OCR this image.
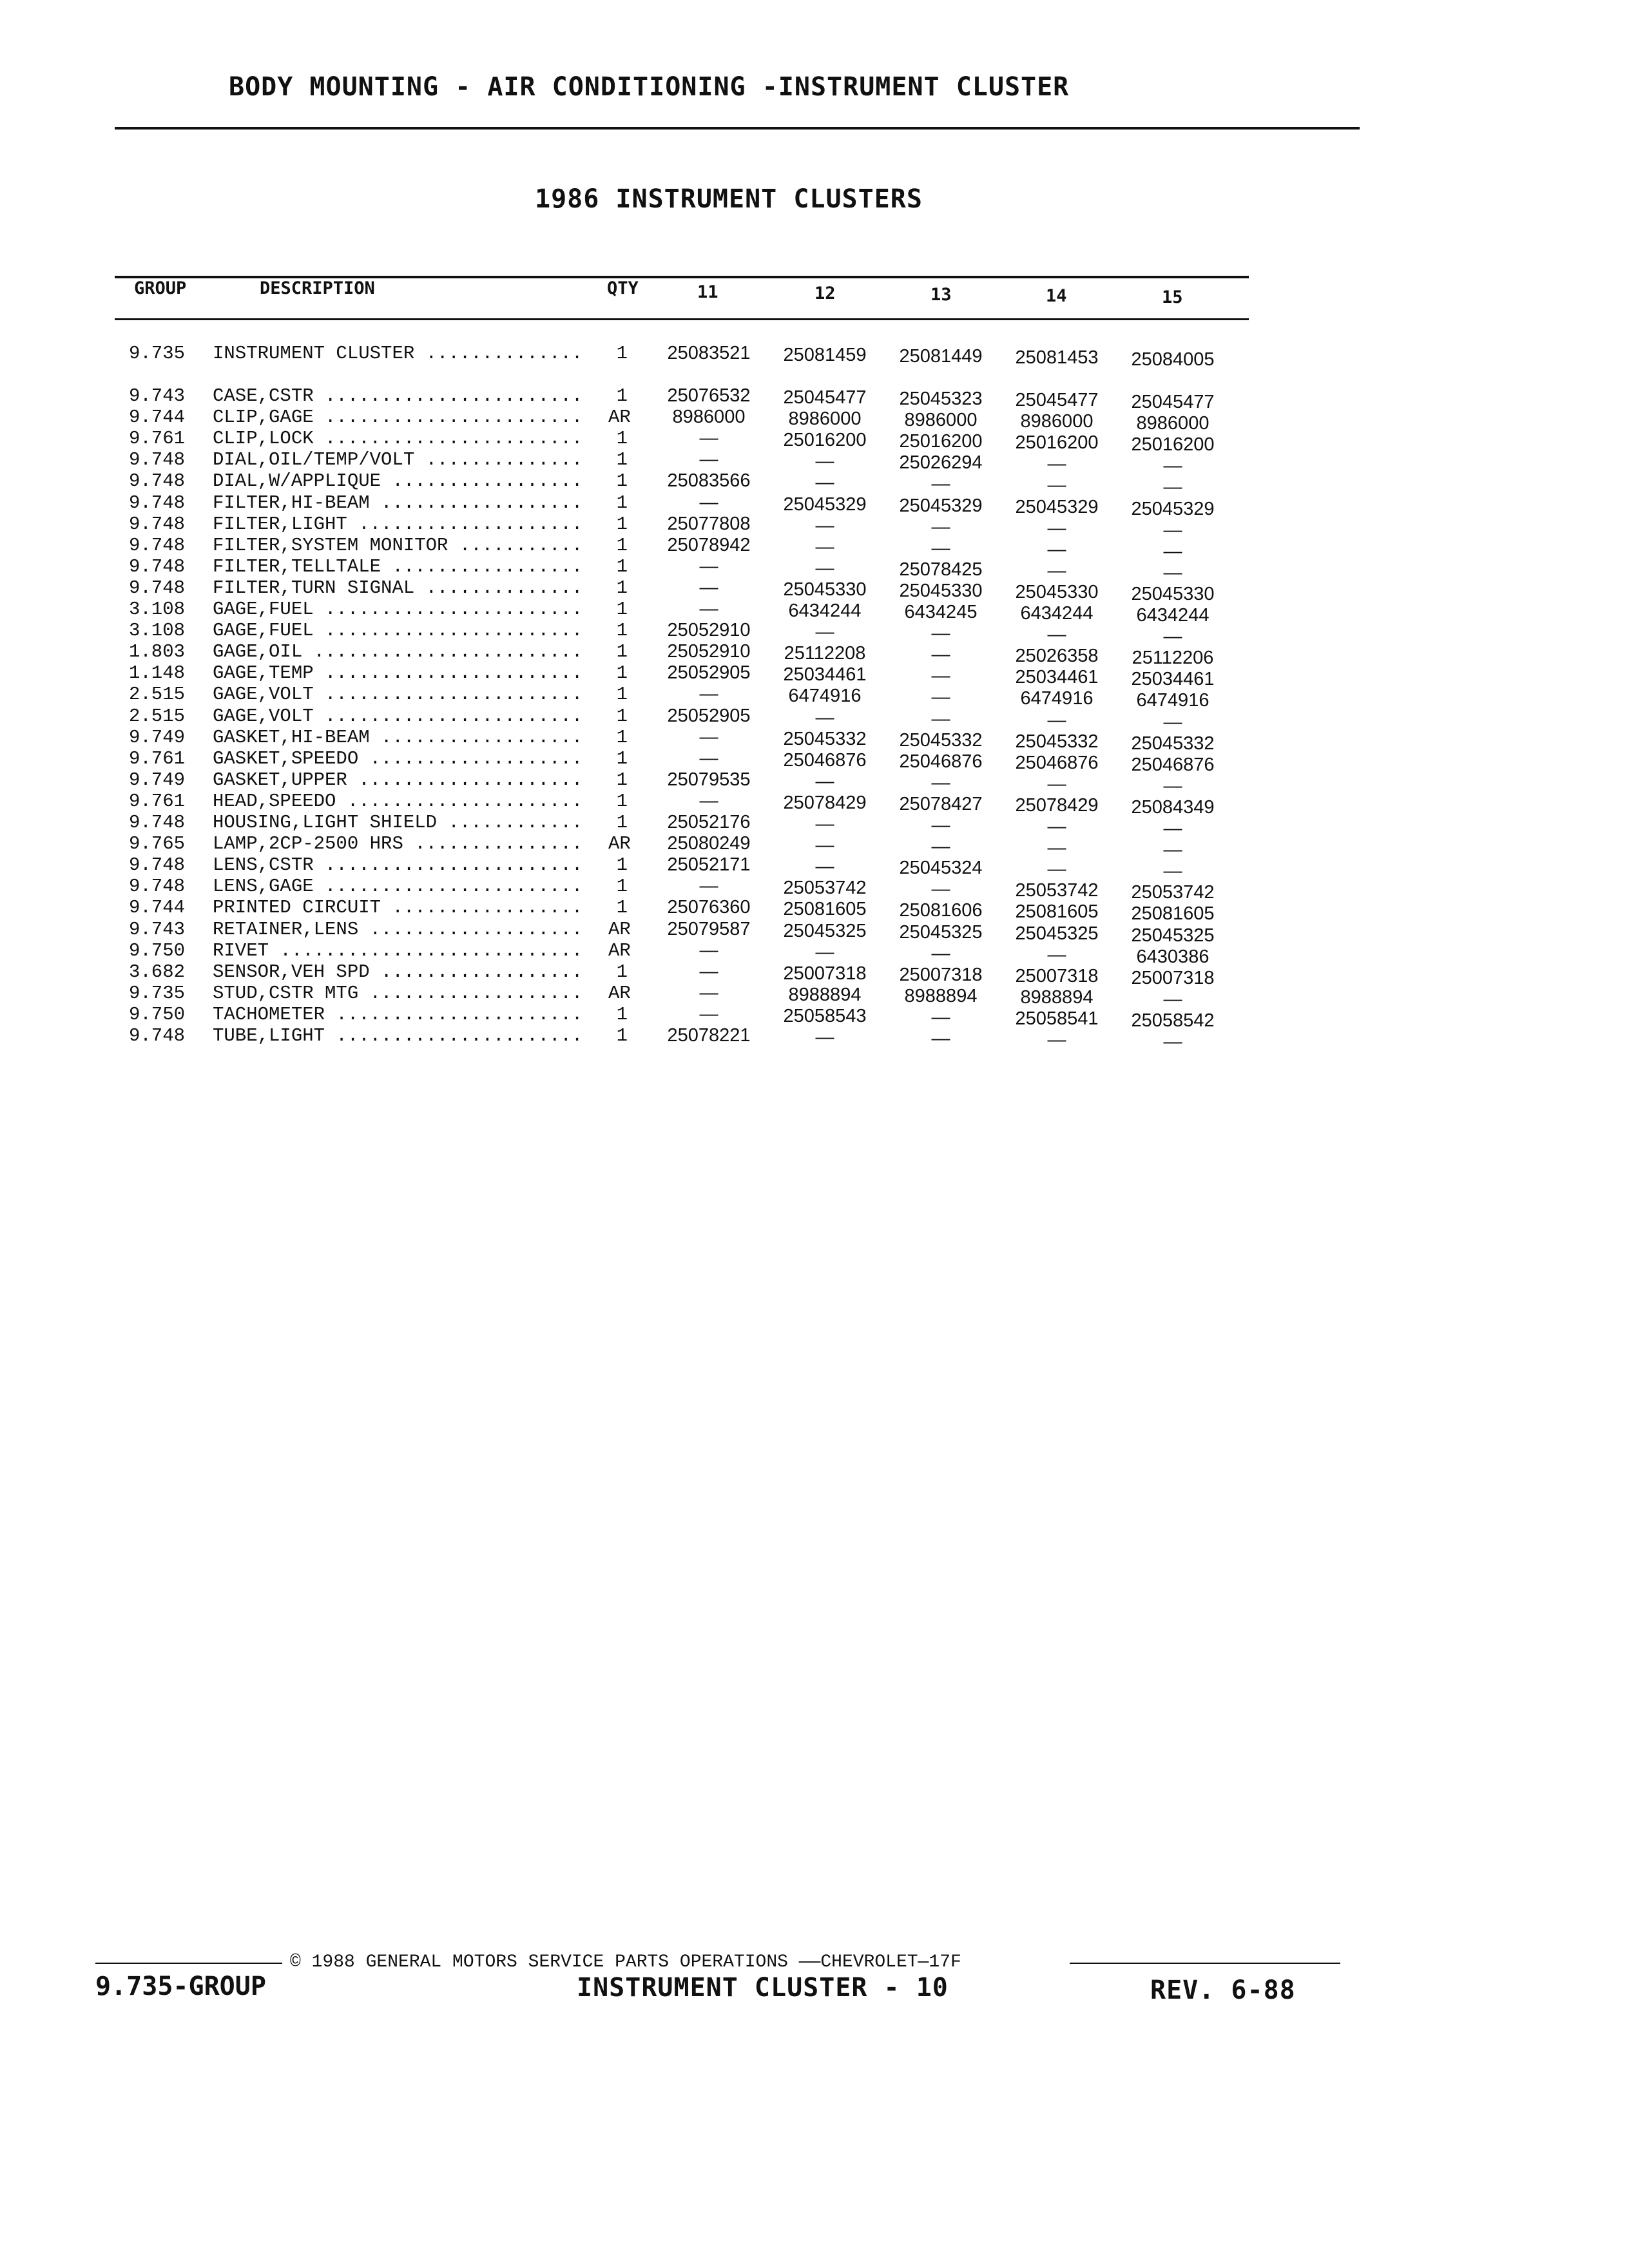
BODY MOUNTING - AIR CONDITIONING -INSTRUMENT CLUSTER
1986 INSTRUMENT CLUSTERS
GROUP	DESCRIPTION	QTY	11	12	13	14	15
9.735 INSTRUMENT CLUSTER ..............	1	25083521	25081459	25081449	25081453	25084005
9.743 CASE,CSTR .......................	1	25076532	25045477	25045323	25045477	25045477
9.744 CLIP,GAGE ....................... AR	8986000	8986000	8986000	8986000	8986000
9.761 CLIP,LOCK .......................	1	—	25016200	25016200	25016200	25016200
9.748 DIAL,OIL/TEMP/VOLT ..............	1	—	—	25026294	—	—
9.748 DIAL,W/APPLIQUE .................	1	25083566	—	—	—	—
9.748 FILTER,HI-BEAM ..................	1	—	25045329	25045329	25045329	25045329
9.748 FILTER,LIGHT ....................	1	25077808	—	—	—	—
9.748 FILTER,SYSTEM MONITOR ...........	1	25078942	—	—	—	—
9.748 FILTER,TELLTALE .................	1	—	—	25078425	—	—
9.748 FILTER,TURN SIGNAL ..............	1	—	25045330	25045330	25045330	25045330
3.108 GAGE,FUEL .......................	1	—	6434244	6434245	6434244	6434244
3.108 GAGE,FUEL .......................	1	25052910	—	—	—	—
1.803 GAGE,OIL ........................	1	25052910	25112208	—	25026358	25112206
1.148 GAGE,TEMP .......................	1	25052905	25034461	—	25034461	25034461
2.515 GAGE,VOLT .......................	1	—	6474916	—	6474916	6474916
2.515 GAGE,VOLT .......................	1	25052905	—	—	—	—
9.749 GASKET,HI-BEAM ..................	1	—	25045332	25045332	25045332	25045332
9.761 GASKET,SPEEDO ...................	1	—	25046876	25046876	25046876	25046876
9.749 GASKET,UPPER ....................	1	25079535	—	—	—	—
9.761 HEAD,SPEEDO .....................	1	—	25078429	25078427	25078429	25084349
9.748 HOUSING,LIGHT SHIELD ............	1	25052176	—	—	—	—
9.765 LAMP,2CP-2500 HRS ............... AR	25080249	—	—	—	—
9.748 LENS,CSTR .......................	1	25052171	—	25045324	—	—
9.748 LENS,GAGE .......................	1	—	25053742	—	25053742	25053742
9.744 PRINTED CIRCUIT .................	1	25076360	25081605	25081606	25081605	25081605
9.743 RETAINER,LENS ................... AR	25079587	25045325	25045325	25045325	25045325
9.750 RIVET ........................... AR	—	—	—	—	6430386
3.682 SENSOR,VEH SPD ..................	1	—	25007318	25007318	25007318	25007318
9.735 STUD,CSTR MTG ................... AR	—	8988894	8988894	8988894	—
9.750 TACHOMETER ......................	1	—	25058543	—	25058541	25058542
9.748 TUBE,LIGHT ......................	1	25078221	—	—	—	—
© 1988 GENERAL MOTORS SERVICE PARTS OPERATIONS ——CHEVROLET—17F
9.735-GROUP	INSTRUMENT CLUSTER - 10	REV. 6-88
